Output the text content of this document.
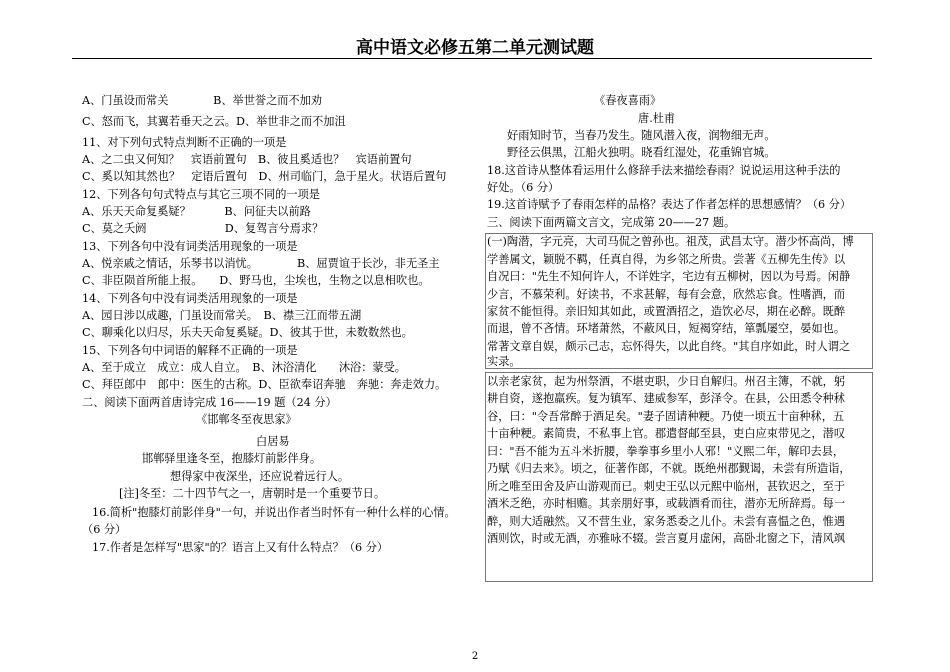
高中语文必修五第二单元测试题
A、门虽设而常关　　　　B、举世誉之而不加劝
C、怒而飞，其翼若垂天之云。D、举世非之而不加沮
11、对下列句式特点判断不正确的一项是
A、之二虫又何知？　宾语前置句　B、彼且奚适也？　宾语前置句
C、奚以知其然也？　定语后置句　D、州司临门，急于星火。状语后置句
12、下列各句句式特点与其它三项不同的一项是
A、乐天天命复奚疑？　　　B、问征夫以前路
C、莫之夭阏　　　　　　　D、复驾言兮焉求？
13、下列各句中没有词类活用现象的一项是
A、悦亲戚之情话，乐琴书以消忧。　　　　B、屈贾谊于长沙，非无圣主
C、非臣陨首所能上报。　　D、野马也，尘埃也，生物之以息相吹也。
14、下列各句中没有词类活用现象的一项是
A、园日涉以成趣，门虽设而常关。　B、襟三江而带五湖
C、聊乘化以归尽，乐夫天命复奚疑。D、彼其于世，未数数然也。
15、下列各句中词语的解释不正确的一项是
A、至于成立　成立：成人自立。　B、沐浴清化　　沐浴：蒙受。
C、拜臣郎中　郎中：医生的古称。D、臣欲奉诏奔驰　奔驰：奔走效力。
二、阅读下面两首唐诗完成 16——19 题（24 分）
《邯郸冬至夜思家》
白居易
邯郸驿里逢冬至，抱膝灯前影伴身。
想得家中夜深坐，还应说着远行人。
[注]冬至：二十四节气之一，唐朝时是一个重要节日。
16.简析"抱膝灯前影伴身"一句，并说出作者当时怀有一种什么样的心情。
（6 分）
17.作者是怎样写"思家"的？语言上又有什么特点？（6 分）
《春夜喜雨》
唐.杜甫
好雨知时节，当春乃发生。随风潜入夜，润物细无声。
野径云俱黑，江船火独明。晓看红湿处，花重锦官城。
18.这首诗从整体看运用什么修辞手法来描绘春雨？说说运用这种手法的
好处。（6 分）
19.这首诗赋予了春雨怎样的品格？表达了作者怎样的思想感情？（6 分）
三、阅读下面两篇文言文，完成第 20——27 题。
(一)陶潜，字元亮，大司马侃之曾孙也。祖茂，武昌太守。潜少怀高尚，博
学善属文，颖脱不羁，任真自得，为乡邻之所贵。尝著《五柳先生传》以
自况曰："先生不知何许人，不详姓字，宅边有五柳树，因以为号焉。闲静
少言，不慕荣利。好读书，不求甚解，每有会意，欣然忘食。性嗜酒，而
家贫不能恒得。亲旧知其如此，或置酒招之，造饮必尽，期在必醉。既醉
而退，曾不吝情。环堵萧然，不蔽风日，短褐穿结，箪瓢屡空，晏如也。
常著文章自娱，颇示己志，忘怀得失，以此自终。"其自序如此，时人谓之
实录。
以亲老家贫，起为州祭酒，不堪吏职，少日自解归。州召主簿，不就，躬
耕自资，遂抱羸疾。复为镇军、建威参军，彭泽令。在县，公田悉令种秫
谷，曰："令吾常醉于酒足矣。"妻子固请种粳。乃使一顷五十亩种秫，五
十亩种粳。素简贵，不私事上官。郡遣督邮至县，吏白应束带见之，潜叹
曰："吾不能为五斗米折腰，拳拳事乡里小人邪！"义熙二年，解印去县，
乃赋《归去来》。顷之，征著作郎，不就。既绝州郡觐谒，未尝有所造诣，
所之唯至田舍及庐山游观而已。刺史王弘以元熙中临州，甚钦迟之，至于
酒米乏绝，亦时相赡。其亲朋好事，或载酒肴而往，潜亦无所辞焉。每一
醉，则大适融然。又不营生业，家务悉委之儿仆。未尝有喜愠之色，惟遇
酒则饮，时或无酒，亦雅咏不辍。尝言夏月虚闲，高卧北窗之下，清风飒
2
